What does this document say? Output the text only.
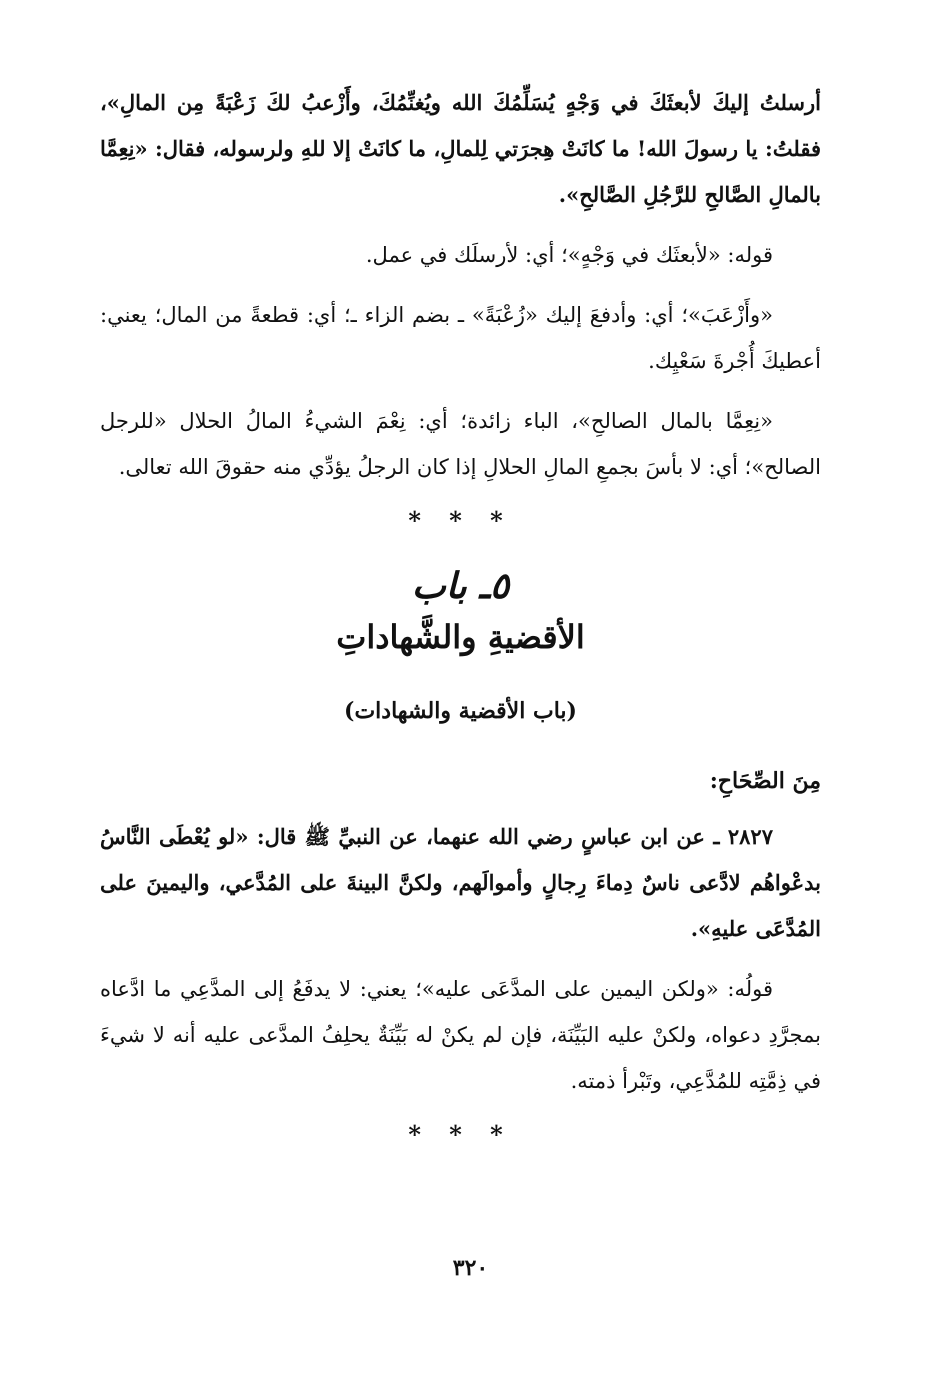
أرسلتُ إليكَ لأبعثَكَ في وَجْهٍ يُسَلِّمُكَ الله ويُغنِّمُكَ، وأَزْعبُ لكَ زَعْبَةً مِن المالِ»، فقلتُ: يا رسولَ الله! ما كانَتْ هِجرَتي لِلمالِ، ما كانَتْ إلا للهِ ولرسوله، فقال: «نِعِمَّا بالمالِ الصَّالحِ للرَّجُلِ الصَّالحِ».

قوله: «لأبعثَك في وَجْهٍ»؛ أي: لأرسلَك في عمل.

«وأَزْعَبَ»؛ أي: وأدفعَ إليك «زُعْبَةً» ـ بضم الزاء ـ؛ أي: قطعةً من المال؛ يعني: أعطيكَ أُجْرةَ سَعْيِك.

«نِعِمَّا بالمال الصالحِ»، الباء زائدة؛ أي: نِعْمَ الشيءُ المالُ الحلال «للرجل الصالح»؛ أي: لا بأسَ بجمعِ المالِ الحلالِ إذا كان الرجلُ يؤدِّي منه حقوقَ الله تعالى.

* * *
٥ـ باب
الأقضيةِ والشَّهاداتِ
(باب الأقضية والشهادات)
مِنَ الصِّحَاحِ:

٢٨٢٧ ـ عن ابن عباسٍ رضي الله عنهما، عن النبيِّ ﷺ قال: «لو يُعْطَى النَّاسُ بدعْواهُم لادَّعى ناسٌ دِماءَ رِجالٍ وأموالَهم، ولكنَّ البينةَ على المُدَّعي، واليمينَ على المُدَّعَى عليهِ».

قولُه: «ولكن اليمين على المدَّعَى عليه»؛ يعني: لا يدفَعُ إلى المدَّعِي ما ادَّعاه بمجرَّدِ دعواه، ولكنْ عليه البَيِّنَة، فإن لم يكنْ له بَيِّنَةٌ يحلِفُ المدَّعى عليه أنه لا شيءَ في ذِمَّتِه للمُدَّعِي، وتَبْرأ ذمته.

* * *
٣٢٠
